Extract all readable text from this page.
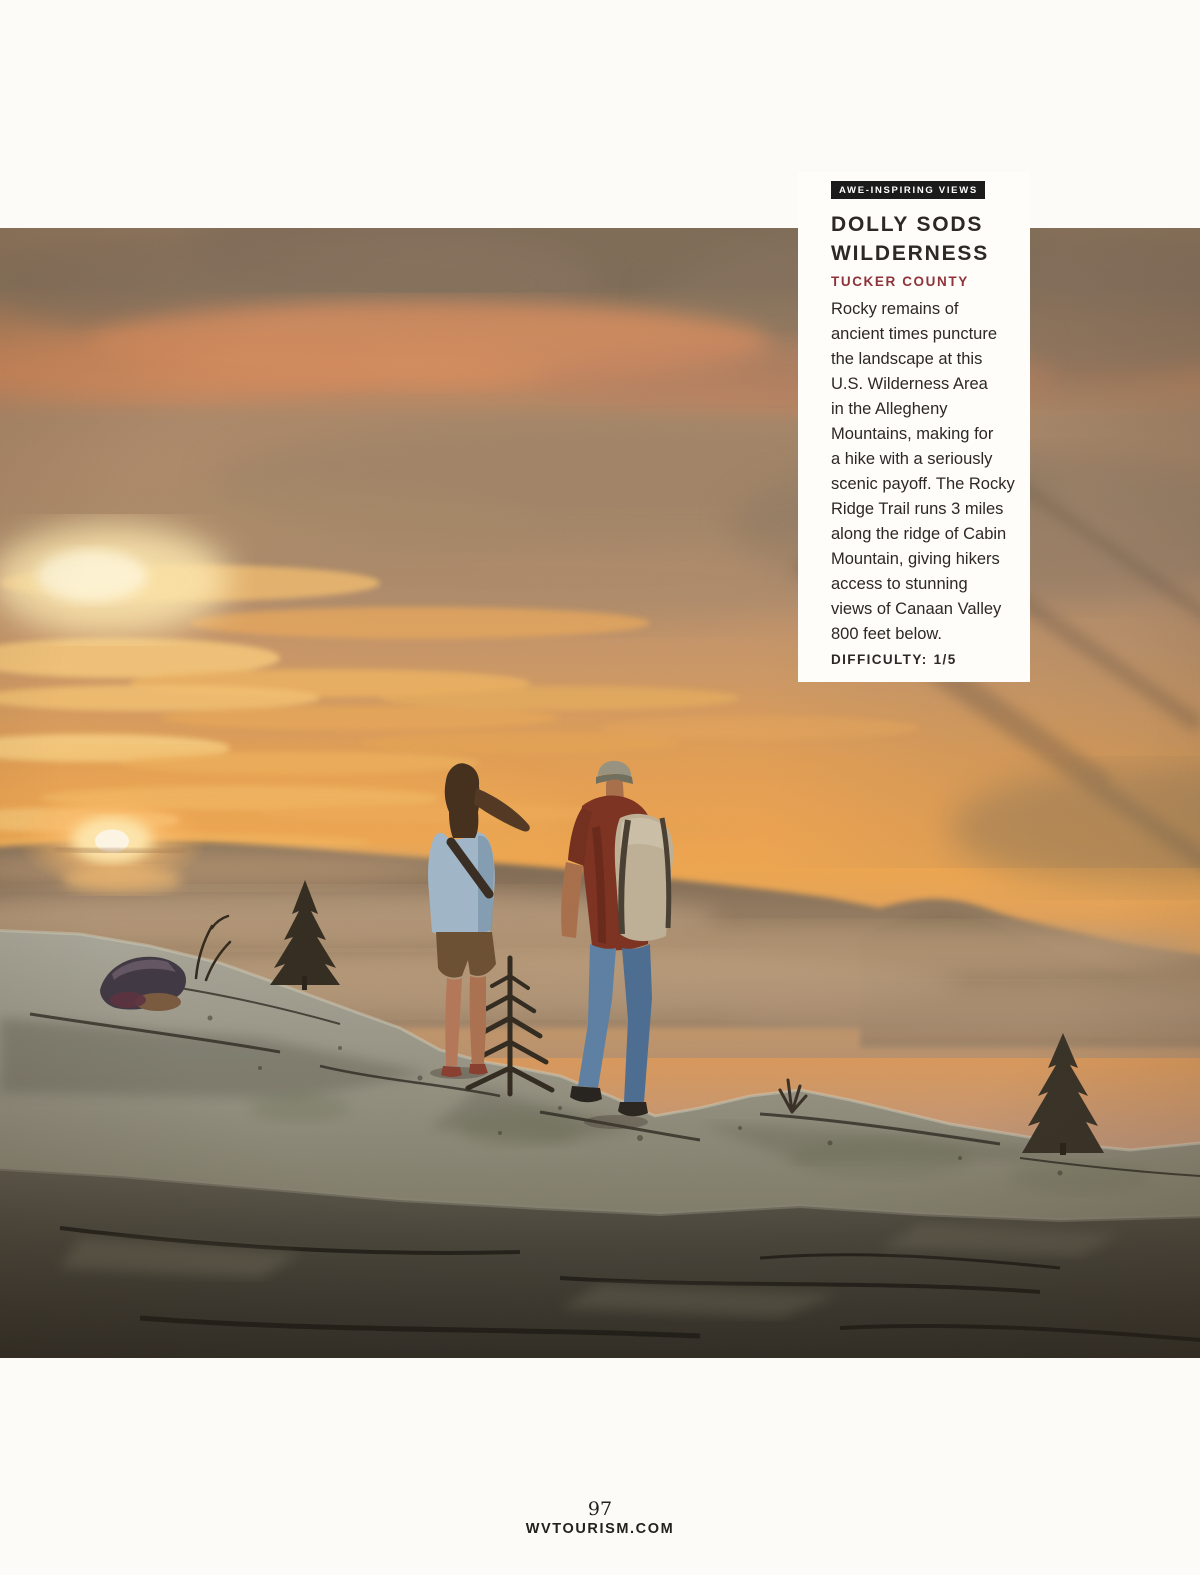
AWE-INSPIRING VIEWS
DOLLY SODS
WILDERNESS
TUCKER COUNTY
Rocky remains of
ancient times puncture
the landscape at this
U.S. Wilderness Area
in the Allegheny
Mountains, making for
a hike with a seriously
scenic payoff. The Rocky
Ridge Trail runs 3 miles
along the ridge of Cabin
Mountain, giving hikers
access to stunning
views of Canaan Valley
800 feet below.
DIFFICULTY: 1/5
97
WVTOURISM.COM
